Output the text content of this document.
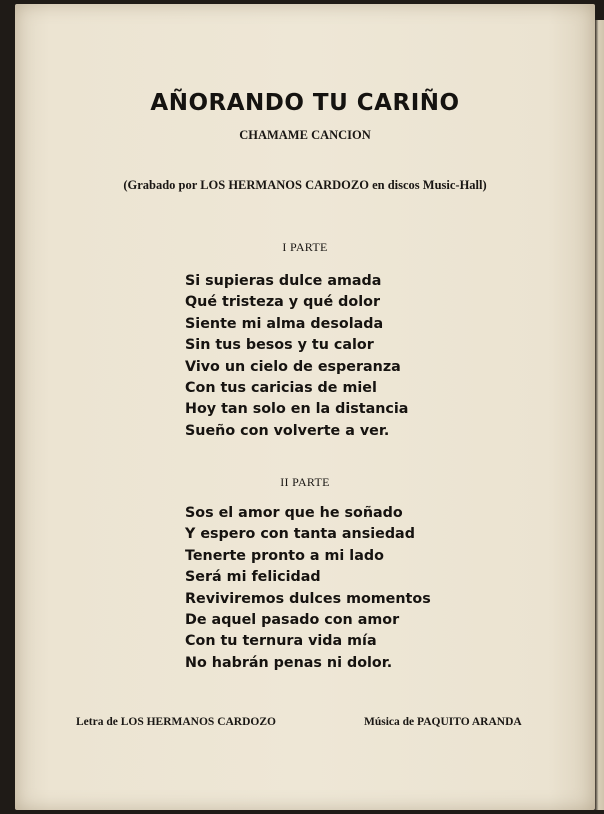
AÑORANDO TU CARIÑO
CHAMAME CANCION
(Grabado por LOS HERMANOS CARDOZO en discos Music-Hall)
I PARTE
Si supieras dulce amada
Qué tristeza y qué dolor
Siente mi alma desolada
Sin tus besos y tu calor
Vivo un cielo de esperanza
Con tus caricias de miel
Hoy tan solo en la distancia
Sueño con volverte a ver.
II PARTE
Sos el amor que he soñado
Y espero con tanta ansiedad
Tenerte pronto a mi lado
Será mi felicidad
Reviviremos dulces momentos
De aquel pasado con amor
Con tu ternura vida mía
No habrán penas ni dolor.
Letra de LOS HERMANOS CARDOZO	Música de PAQUITO ARANDA
